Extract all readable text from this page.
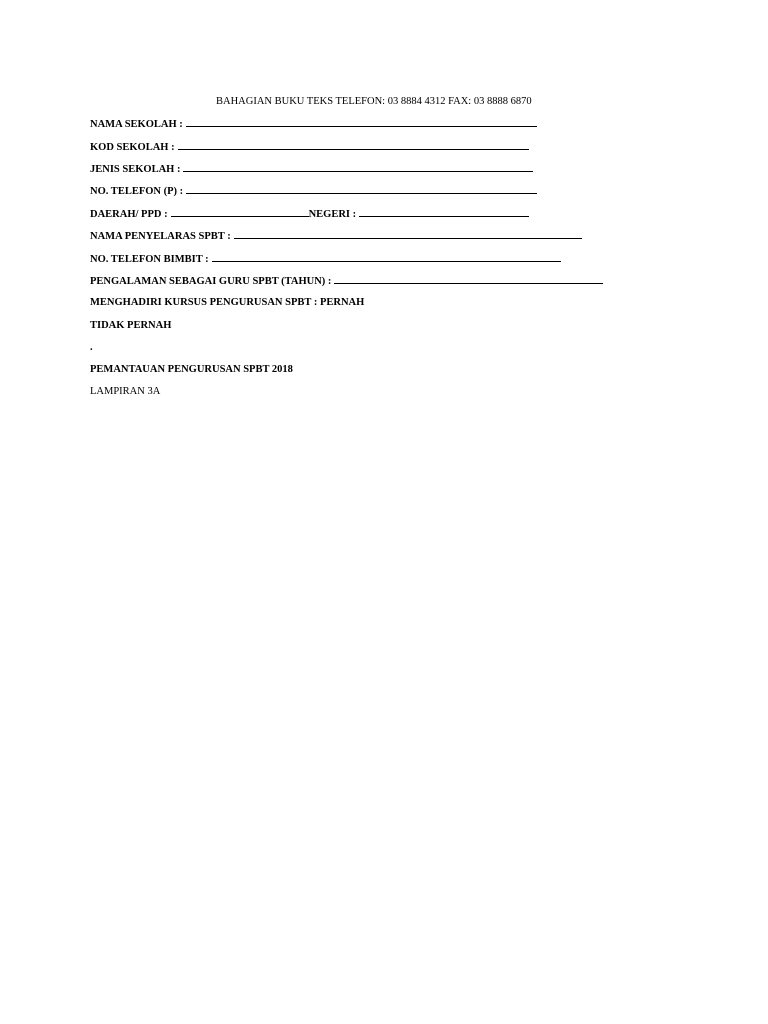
BAHAGIAN BUKU TEKS TELEFON: 03 8884 4312 FAX: 03 8888 6870
NAMA SEKOLAH :
KOD SEKOLAH :
JENIS SEKOLAH :
NO. TELEFON (P) :
DAERAH/ PPD :	NEGERI :
NAMA PENYELARAS SPBT :
NO. TELEFON BIMBIT :
PENGALAMAN SEBAGAI GURU SPBT (TAHUN) :
MENGHADIRI KURSUS PENGURUSAN SPBT : PERNAH
TIDAK PERNAH
.
PEMANTAUAN PENGURUSAN SPBT 2018
LAMPIRAN 3A
